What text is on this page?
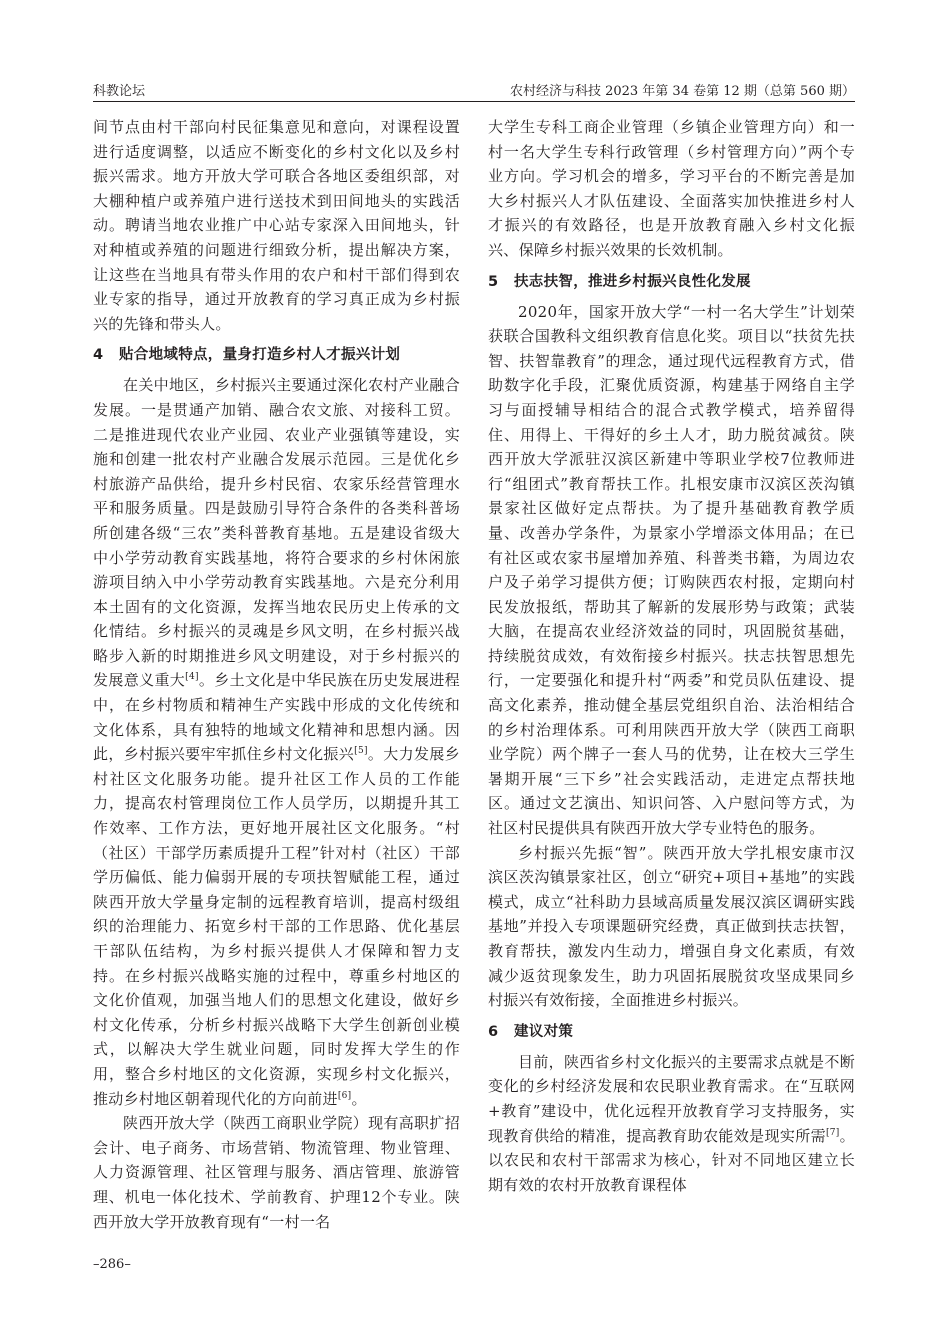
科教论坛	农村经济与科技 2023 年第 34 卷第 12 期（总第 560 期）

间节点由村干部向村民征集意见和意向，对课程设置进行适度调整，以适应不断变化的乡村文化以及乡村振兴需求。地方开放大学可联合各地区委组织部，对大棚种植户或养殖户进行送技术到田间地头的实践活动。聘请当地农业推广中心站专家深入田间地头，针对种植或养殖的问题进行细致分析，提出解决方案，让这些在当地具有带头作用的农户和村干部们得到农业专家的指导，通过开放教育的学习真正成为乡村振兴的先锋和带头人。

4 贴合地域特点，量身打造乡村人才振兴计划

在关中地区，乡村振兴主要通过深化农村产业融合发展。一是贯通产加销、融合农文旅、对接科工贸。二是推进现代农业产业园、农业产业强镇等建设，实施和创建一批农村产业融合发展示范园。三是优化乡村旅游产品供给，提升乡村民宿、农家乐经营管理水平和服务质量。四是鼓励引导符合条件的各类科普场所创建各级“三农”类科普教育基地。五是建设省级大中小学劳动教育实践基地，将符合要求的乡村休闲旅游项目纳入中小学劳动教育实践基地。六是充分利用本土固有的文化资源，发挥当地农民历史上传承的文化情结。乡村振兴的灵魂是乡风文明，在乡村振兴战略步入新的时期推进乡风文明建设，对于乡村振兴的发展意义重大[4]。乡土文化是中华民族在历史发展进程中，在乡村物质和精神生产实践中形成的文化传统和文化体系，具有独特的地域文化精神和思想内涵。因此，乡村振兴要牢牢抓住乡村文化振兴[5]。大力发展乡村社区文化服务功能。提升社区工作人员的工作能力，提高农村管理岗位工作人员学历，以期提升其工作效率、工作方法，更好地开展社区文化服务。“村（社区）干部学历素质提升工程”针对村（社区）干部学历偏低、能力偏弱开展的专项扶智赋能工程，通过陕西开放大学量身定制的远程教育培训，提高村级组织的治理能力、拓宽乡村干部的工作思路、优化基层干部队伍结构，为乡村振兴提供人才保障和智力支持。在乡村振兴战略实施的过程中，尊重乡村地区的文化价值观，加强当地人们的思想文化建设，做好乡村文化传承，分析乡村振兴战略下大学生创新创业模式，以解决大学生就业问题，同时发挥大学生的作用，整合乡村地区的文化资源，实现乡村文化振兴，推动乡村地区朝着现代化的方向前进[6]。

陕西开放大学（陕西工商职业学院）现有高职扩招会计、电子商务、市场营销、物流管理、物业管理、人力资源管理、社区管理与服务、酒店管理、旅游管理、机电一体化技术、学前教育、护理12个专业。陕西开放大学开放教育现有“一村一名

大学生专科工商企业管理（乡镇企业管理方向）和一村一名大学生专科行政管理（乡村管理方向）”两个专业方向。学习机会的增多，学习平台的不断完善是加大乡村振兴人才队伍建设、全面落实加快推进乡村人才振兴的有效路径，也是开放教育融入乡村文化振兴、保障乡村振兴效果的长效机制。

5 扶志扶智，推进乡村振兴良性化发展

2020年，国家开放大学“一村一名大学生”计划荣获联合国教科文组织教育信息化奖。项目以“扶贫先扶智、扶智靠教育”的理念，通过现代远程教育方式，借助数字化手段，汇聚优质资源，构建基于网络自主学习与面授辅导相结合的混合式教学模式，培养留得住、用得上、干得好的乡土人才，助力脱贫减贫。陕西开放大学派驻汉滨区新建中等职业学校7位教师进行“组团式”教育帮扶工作。扎根安康市汉滨区茨沟镇景家社区做好定点帮扶。为了提升基础教育教学质量、改善办学条件，为景家小学增添文体用品；在已有社区或农家书屋增加养殖、科普类书籍，为周边农户及子弟学习提供方便；订购陕西农村报，定期向村民发放报纸，帮助其了解新的发展形势与政策；武装大脑，在提高农业经济效益的同时，巩固脱贫基础，持续脱贫成效，有效衔接乡村振兴。扶志扶智思想先行，一定要强化和提升村“两委”和党员队伍建设、提高文化素养，推动健全基层党组织自治、法治相结合的乡村治理体系。可利用陕西开放大学（陕西工商职业学院）两个牌子一套人马的优势，让在校大三学生暑期开展“三下乡”社会实践活动，走进定点帮扶地区。通过文艺演出、知识问答、入户慰问等方式，为社区村民提供具有陕西开放大学专业特色的服务。

乡村振兴先振“智”。陕西开放大学扎根安康市汉滨区茨沟镇景家社区，创立“研究+项目+基地”的实践模式，成立“社科助力县域高质量发展汉滨区调研实践基地”并投入专项课题研究经费，真正做到扶志扶智，教育帮扶，激发内生动力，增强自身文化素质，有效减少返贫现象发生，助力巩固拓展脱贫攻坚成果同乡村振兴有效衔接，全面推进乡村振兴。

6 建议对策

目前，陕西省乡村文化振兴的主要需求点就是不断变化的乡村经济发展和农民职业教育需求。在“互联网+教育”建设中，优化远程开放教育学习支持服务，实现教育供给的精准，提高教育助农能效是现实所需[7]。以农民和农村干部需求为核心，针对不同地区建立长期有效的农村开放教育课程体

–286–
